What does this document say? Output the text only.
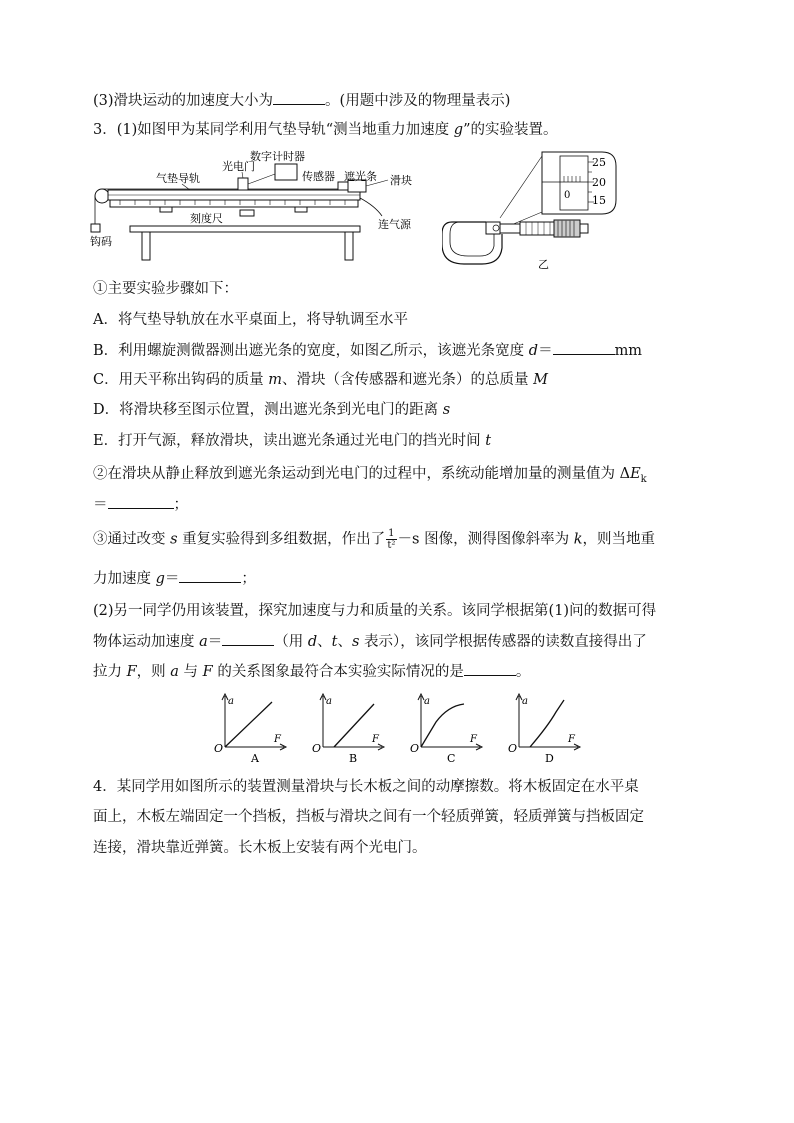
(3)滑块运动的加速度大小为	。(用题中涉及的物理量表示)
3．(1)如图甲为某同学利用气垫导轨“测当地重力加速度 g”的实验装置。
钩码
光电门
数字计时器
传感器 遮光条 滑块
连气源
气垫导轨
刻度尺
25
20
15
0
乙
①主要实验步骤如下：
A．将气垫导轨放在水平桌面上，将导轨调至水平
B．利用螺旋测微器测出遮光条的宽度，如图乙所示，该遮光条宽度 d＝	mm
C．用天平称出钩码的质量 m、滑块（含传感器和遮光条）的总质量 M
D．将滑块移至图示位置，测出遮光条到光电门的距离 s
E．打开气源，释放滑块，读出遮光条通过光电门的挡光时间 t
②在滑块从静止释放到遮光条运动到光电门的过程中，系统动能增加量的测量值为 $\Delta E_k$
＝	；
③通过改变 s 重复实验得到多组数据，作出了 $\frac{1}{\text{t²}} -s$ 图像，测得图像斜率为 k，则当地重
力加速度 g＝	；
(2)另一同学仍用该装置，探究加速度与力和质量的关系。该同学根据第(1)问的数据可得
物体运动加速度 a＝	（用 d、t、s 表示），该同学根据传感器的读数直接得出了
拉力 F，则 a 与 F 的关系图象最符合本实验实际情况的是	。
a
F
O
A
a
F
O
B
a
F
O
C
a
F
O
D
4．某同学用如图所示的装置测量滑块与长木板之间的动摩擦数。将木板固定在水平桌
面上，木板左端固定一个挡板，挡板与滑块之间有一个轻质弹簧，轻质弹簧与挡板固定
连接，滑块靠近弹簧。长木板上安装有两个光电门。
